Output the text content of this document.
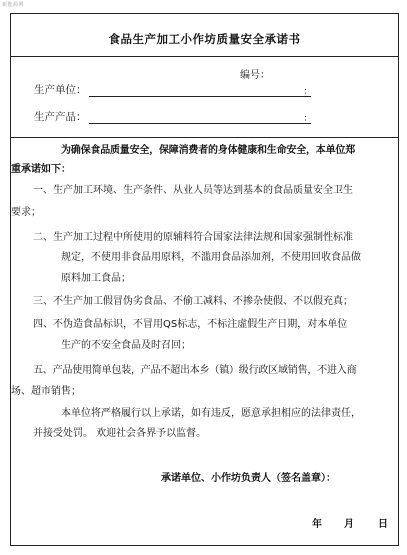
新能源网
食品生产加工小作坊质量安全承诺书
编号：
生产单位：	：
生产产品：	：
为确保食品质量安全，保障消费者的身体健康和生命安全，本单位郑
重承诺如下：
一、生产加工环境、生产条件、从业人员等达到基本的食品质量安全卫生
要求；
二、生产加工过程中所使用的原辅料符合国家法律法规和国家强制性标准
规定，不使用非食品用原料，不滥用食品添加剂，不使用回收食品做
原料加工食品；
三、不生产加工假冒伪劣食品、不偷工减料、不掺杂使假、不以假充真；
四、不伪造食品标识，不冒用QS标志，不标注虚假生产日期，对本单位
生产的不安全食品及时召回；
五、产品使用简单包装，产品不超出本乡（镇）级行政区域销售，不进入商
场、超市销售；
本单位将严格履行以上承诺，如有违反，愿意承担相应的法律责任，
并接受处罚。 欢迎社会各界予以监督。
承诺单位、小作坊负责人（签名盖章）：
年 月 日
